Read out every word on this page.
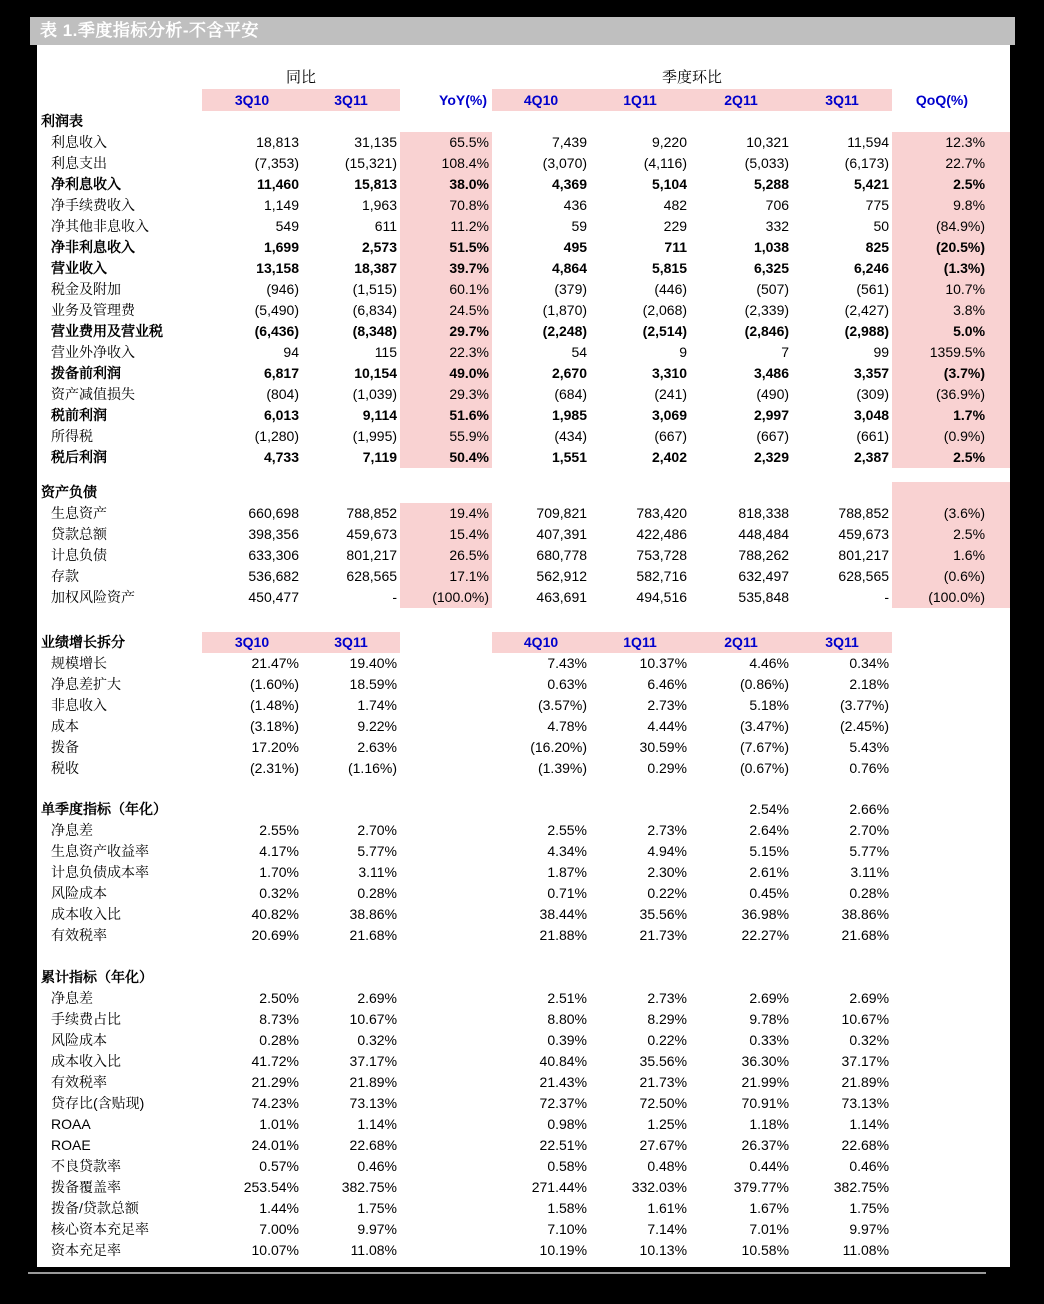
表 1.季度指标分析-不含平安
	同比			季度环比				
	3Q10	3Q11	YoY(%)	4Q10	1Q11	2Q11	3Q11	QoQ(%)
利润表								
利息收入	18,813	31,135	65.5%	7,439	9,220	10,321	11,594	12.3%
利息支出	(7,353)	(15,321)	108.4%	(3,070)	(4,116)	(5,033)	(6,173)	22.7%
净利息收入	11,460	15,813	38.0%	4,369	5,104	5,288	5,421	2.5%
净手续费收入	1,149	1,963	70.8%	436	482	706	775	9.8%
净其他非息收入	549	611	11.2%	59	229	332	50	(84.9%)
净非利息收入	1,699	2,573	51.5%	495	711	1,038	825	(20.5%)
营业收入	13,158	18,387	39.7%	4,864	5,815	6,325	6,246	(1.3%)
税金及附加	(946)	(1,515)	60.1%	(379)	(446)	(507)	(561)	10.7%
业务及管理费	(5,490)	(6,834)	24.5%	(1,870)	(2,068)	(2,339)	(2,427)	3.8%
营业费用及营业税	(6,436)	(8,348)	29.7%	(2,248)	(2,514)	(2,846)	(2,988)	5.0%
营业外净收入	94	115	22.3%	54	9	7	99	1359.5%
拨备前利润	6,817	10,154	49.0%	2,670	3,310	3,486	3,357	(3.7%)
资产减值损失	(804)	(1,039)	29.3%	(684)	(241)	(490)	(309)	(36.9%)
税前利润	6,013	9,114	51.6%	1,985	3,069	2,997	3,048	1.7%
所得税	(1,280)	(1,995)	55.9%	(434)	(667)	(667)	(661)	(0.9%)
税后利润	4,733	7,119	50.4%	1,551	2,402	2,329	2,387	2.5%

资产负债								
生息资产	660,698	788,852	19.4%	709,821	783,420	818,338	788,852	(3.6%)
贷款总额	398,356	459,673	15.4%	407,391	422,486	448,484	459,673	2.5%
计息负债	633,306	801,217	26.5%	680,778	753,728	788,262	801,217	1.6%
存款	536,682	628,565	17.1%	562,912	582,716	632,497	628,565	(0.6%)
加权风险资产	450,477	-	(100.0%)	463,691	494,516	535,848	-	(100.0%)

业绩增长拆分	3Q10	3Q11		4Q10	1Q11	2Q11	3Q11	
规模增长	21.47%	19.40%		7.43%	10.37%	4.46%	0.34%	
净息差扩大	(1.60%)	18.59%		0.63%	6.46%	(0.86%)	2.18%	
非息收入	(1.48%)	1.74%		(3.57%)	2.73%	5.18%	(3.77%)	
成本	(3.18%)	9.22%		4.78%	4.44%	(3.47%)	(2.45%)	
拨备	17.20%	2.63%		(16.20%)	30.59%	(7.67%)	5.43%	
税收	(2.31%)	(1.16%)		(1.39%)	0.29%	(0.67%)	0.76%	

单季度指标（年化）						2.54%	2.66%	
净息差	2.55%	2.70%		2.55%	2.73%	2.64%	2.70%	
生息资产收益率	4.17%	5.77%		4.34%	4.94%	5.15%	5.77%	
计息负债成本率	1.70%	3.11%		1.87%	2.30%	2.61%	3.11%	
风险成本	0.32%	0.28%		0.71%	0.22%	0.45%	0.28%	
成本收入比	40.82%	38.86%		38.44%	35.56%	36.98%	38.86%	
有效税率	20.69%	21.68%		21.88%	21.73%	22.27%	21.68%	

累计指标（年化）								
净息差	2.50%	2.69%		2.51%	2.73%	2.69%	2.69%	
手续费占比	8.73%	10.67%		8.80%	8.29%	9.78%	10.67%	
风险成本	0.28%	0.32%		0.39%	0.22%	0.33%	0.32%	
成本收入比	41.72%	37.17%		40.84%	35.56%	36.30%	37.17%	
有效税率	21.29%	21.89%		21.43%	21.73%	21.99%	21.89%	
贷存比(含贴现)	74.23%	73.13%		72.37%	72.50%	70.91%	73.13%	
ROAA	1.01%	1.14%		0.98%	1.25%	1.18%	1.14%	
ROAE	24.01%	22.68%		22.51%	27.67%	26.37%	22.68%	
不良贷款率	0.57%	0.46%		0.58%	0.48%	0.44%	0.46%	
拨备覆盖率	253.54%	382.75%		271.44%	332.03%	379.77%	382.75%	
拨备/贷款总额	1.44%	1.75%		1.58%	1.61%	1.67%	1.75%	
核心资本充足率	7.00%	9.97%		7.10%	7.14%	7.01%	9.97%	
资本充足率	10.07%	11.08%		10.19%	10.13%	10.58%	11.08%	
